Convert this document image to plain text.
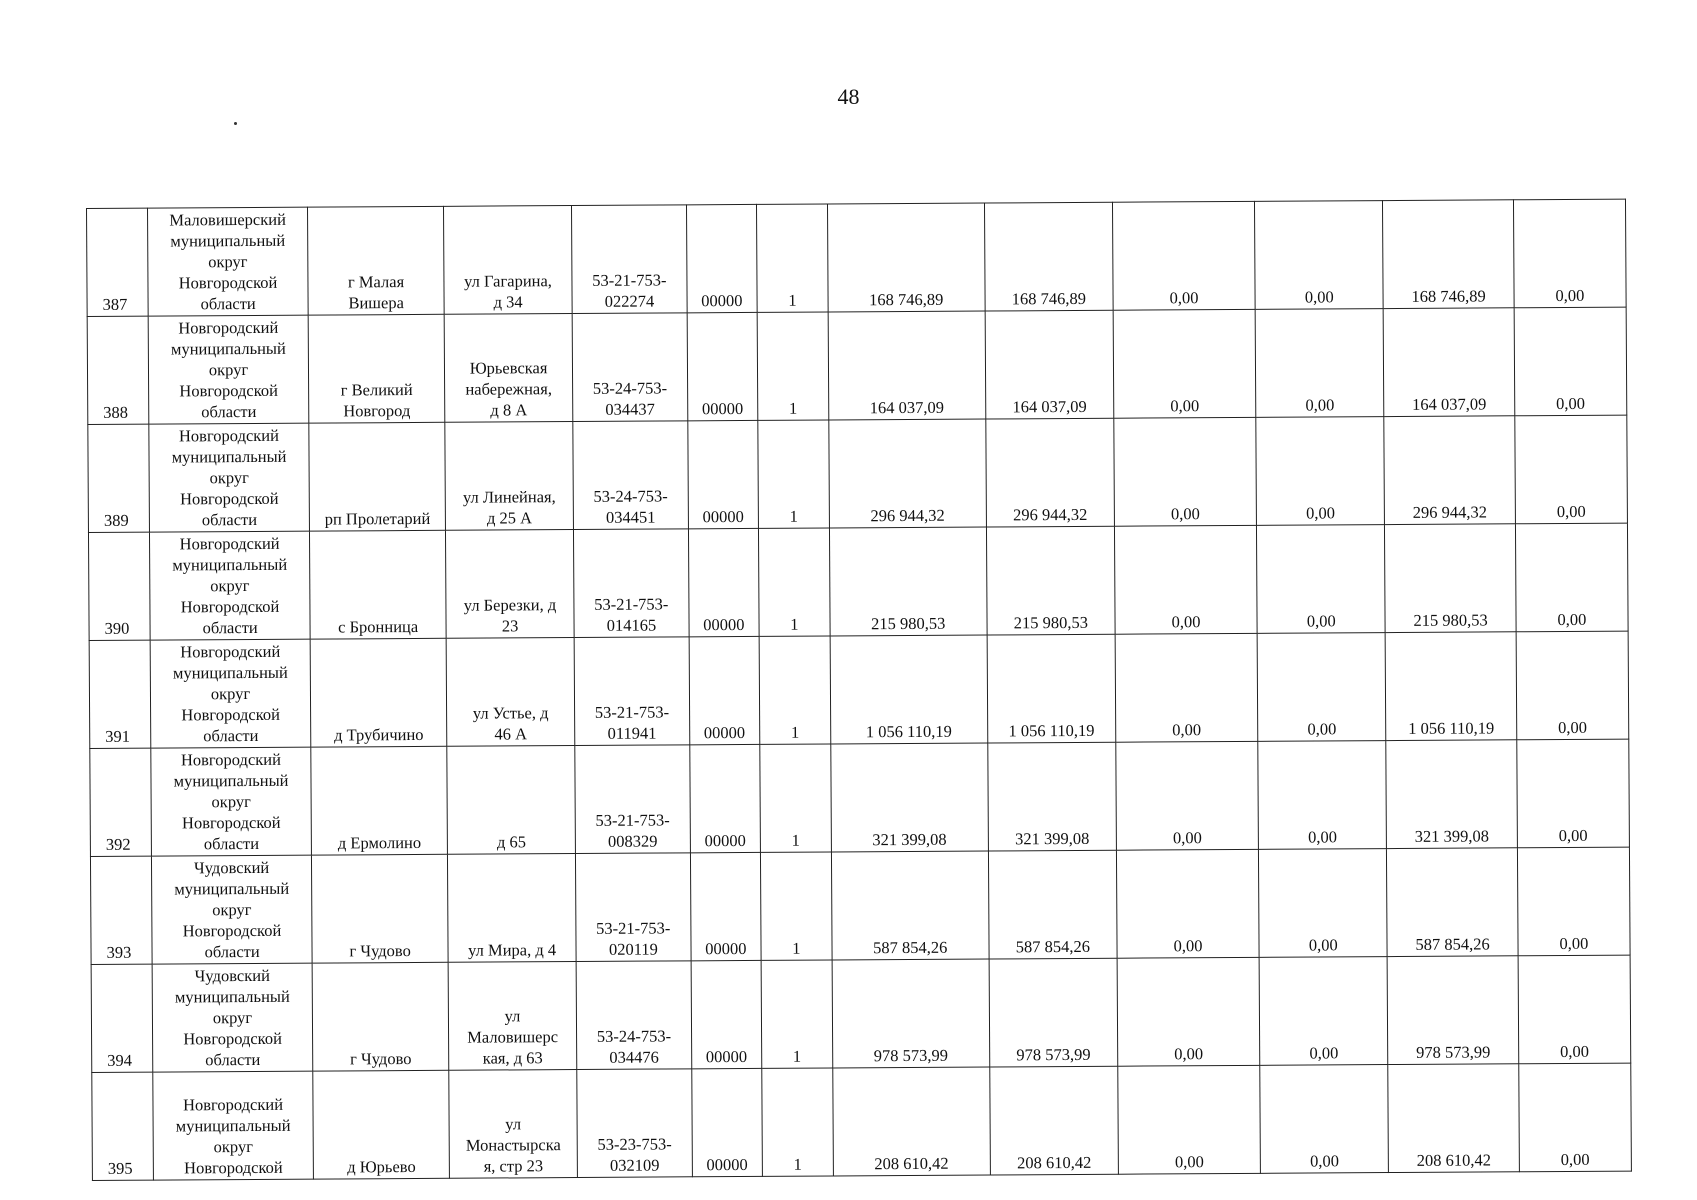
48
387	Маловишерский
муниципальный
округ
Новгородской
области	г Малая
Вишера	ул Гагарина,
д 34	53-21-753-
022274	00000	1	168 746,89	168 746,89	0,00	0,00	168 746,89	0,00
388	Новгородский
муниципальный
округ
Новгородской
области	г Великий
Новгород	Юрьевская
набережная,
д 8 А	53-24-753-
034437	00000	1	164 037,09	164 037,09	0,00	0,00	164 037,09	0,00
389	Новгородский
муниципальный
округ
Новгородской
области	рп Пролетарий	ул Линейная,
д 25 А	53-24-753-
034451	00000	1	296 944,32	296 944,32	0,00	0,00	296 944,32	0,00
390	Новгородский
муниципальный
округ
Новгородской
области	с Бронница	ул Березки, д
23	53-21-753-
014165	00000	1	215 980,53	215 980,53	0,00	0,00	215 980,53	0,00
391	Новгородский
муниципальный
округ
Новгородской
области	д Трубичино	ул Устье, д
46 А	53-21-753-
011941	00000	1	1 056 110,19	1 056 110,19	0,00	0,00	1 056 110,19	0,00
392	Новгородский
муниципальный
округ
Новгородской
области	д Ермолино	д 65	53-21-753-
008329	00000	1	321 399,08	321 399,08	0,00	0,00	321 399,08	0,00
393	Чудовский
муниципальный
округ
Новгородской
области	г Чудово	ул Мира, д 4	53-21-753-
020119	00000	1	587 854,26	587 854,26	0,00	0,00	587 854,26	0,00
394	Чудовский
муниципальный
округ
Новгородской
области	г Чудово	ул
Маловишерс
кая, д 63	53-24-753-
034476	00000	1	978 573,99	978 573,99	0,00	0,00	978 573,99	0,00
395	Новгородский
муниципальный
округ
Новгородской	д Юрьево	ул
Монастырска
я, стр 23	53-23-753-
032109	00000	1	208 610,42	208 610,42	0,00	0,00	208 610,42	0,00
